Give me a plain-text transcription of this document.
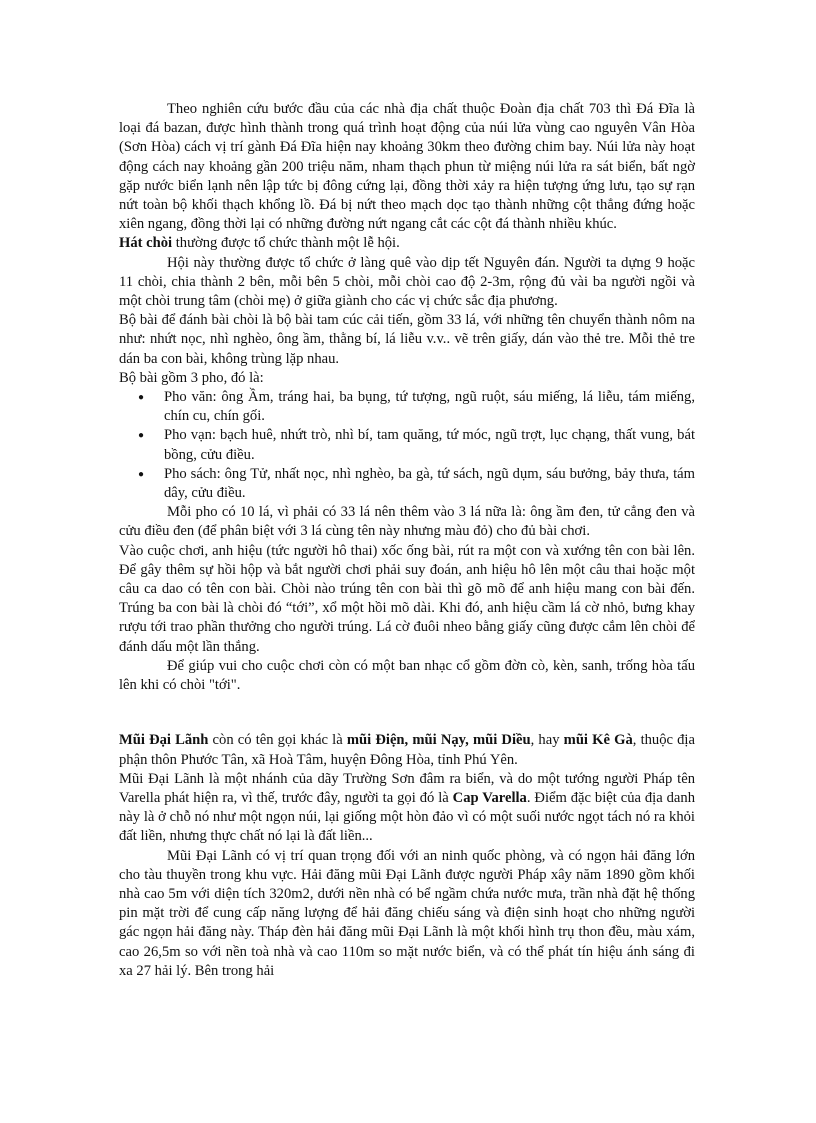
Theo nghiên cứu bước đầu của các nhà địa chất thuộc Đoàn địa chất 703 thì Đá Đĩa là loại đá bazan, được hình thành trong quá trình hoạt động của núi lửa vùng cao nguyên Vân Hòa (Sơn Hòa) cách vị trí gành Đá Đĩa hiện nay khoảng 30km theo đường chim bay. Núi lửa này hoạt động cách nay khoảng gần 200 triệu năm, nham thạch phun từ miệng núi lửa ra sát biển, bất ngờ gặp nước biển lạnh nên lập tức bị đông cứng lại, đồng thời xảy ra hiện tượng ứng lưu, tạo sự rạn nứt toàn bộ khối thạch khổng lồ. Đá bị nứt theo mạch dọc tạo thành những cột thẳng đứng hoặc xiên ngang, đồng thời lại có những đường nứt ngang cắt các cột đá thành nhiều khúc.

Hát chòi thường được tổ chức thành một lễ hội.

Hội này thường được tổ chức ở làng quê vào dịp tết Nguyên đán. Người ta dựng 9 hoặc 11 chòi, chia thành 2 bên, mỗi bên 5 chòi, mỗi chòi cao độ 2-3m, rộng đủ vài ba người ngồi và một chòi trung tâm (chòi mẹ) ở giữa giành cho các vị chức sắc địa phương.

Bộ bài để đánh bài chòi là bộ bài tam cúc cải tiến, gồm 33 lá, với những tên chuyển thành nôm na như: nhứt nọc, nhì nghèo, ông ầm, thằng bí, lá liễu v.v.. vẽ trên giấy, dán vào thẻ tre. Mỗi thẻ tre dán ba con bài, không trùng lặp nhau.

Bộ bài gồm 3 pho, đó là:

● Pho văn: ông Ầm, tráng hai, ba bụng, tứ tượng, ngũ ruột, sáu miếng, lá liễu, tám miếng, chín cu, chín gối.
● Pho vạn: bạch huê, nhứt trò, nhì bí, tam quăng, tứ móc, ngũ trợt, lục chạng, thất vung, bát bồng, cửu điều.
● Pho sách: ông Tử, nhất nọc, nhì nghèo, ba gà, tứ sách, ngũ dụm, sáu bưởng, bảy thưa, tám dây, cửu điều.

Mỗi pho có 10 lá, vì phải có 33 lá nên thêm vào 3 lá nữa là: ông ầm đen, tử cẳng đen và cửu điều đen (để phân biệt với 3 lá cùng tên này nhưng màu đỏ) cho đủ bài chơi.

Vào cuộc chơi, anh hiệu (tức người hô thai) xốc ống bài, rút ra một con và xướng tên con bài lên. Để gây thêm sự hồi hộp và bắt người chơi phải suy đoán, anh hiệu hô lên một câu thai hoặc một câu ca dao có tên con bài. Chòi nào trúng tên con bài thì gõ mõ để anh hiệu mang con bài đến. Trúng ba con bài là chòi đó “tới”, xổ một hồi mõ dài. Khi đó, anh hiệu cầm lá cờ nhỏ, bưng khay rượu tới trao phần thưởng cho người trúng. Lá cờ đuôi nheo bằng giấy cũng được cắm lên chòi để đánh dấu một lần thắng.

Để giúp vui cho cuộc chơi còn có một ban nhạc cổ gồm đờn cò, kèn, sanh, trống hòa tấu lên khi có chòi "tới".

Mũi Đại Lãnh còn có tên gọi khác là mũi Điện, mũi Nạy, mũi Diều, hay mũi Kê Gà, thuộc địa phận thôn Phước Tân, xã Hoà Tâm, huyện Đông Hòa, tỉnh Phú Yên.

Mũi Đại Lãnh là một nhánh của dãy Trường Sơn đâm ra biển, và do một tướng người Pháp tên Varella phát hiện ra, vì thế, trước đây, người ta gọi đó là Cap Varella. Điểm đặc biệt của địa danh này là ở chỗ nó như một ngọn núi, lại giống một hòn đảo vì có một suối nước ngọt tách nó ra khỏi đất liền, nhưng thực chất nó lại là đất liền...

Mũi Đại Lãnh có vị trí quan trọng đối với an ninh quốc phòng, và có ngọn hải đăng lớn cho tàu thuyền trong khu vực. Hải đăng mũi Đại Lãnh được người Pháp xây năm 1890 gồm khối nhà cao 5m với diện tích 320m2, dưới nền nhà có bể ngầm chứa nước mưa, trần nhà đặt hệ thống pin mặt trời để cung cấp năng lượng để hải đăng chiếu sáng và điện sinh hoạt cho những người gác ngọn hải đăng này. Tháp đèn hải đăng mũi Đại Lãnh là một khối hình trụ thon đều, màu xám, cao 26,5m so với nền toà nhà và cao 110m so mặt nước biển, và có thể phát tín hiệu ánh sáng đi xa 27 hải lý. Bên trong hải
